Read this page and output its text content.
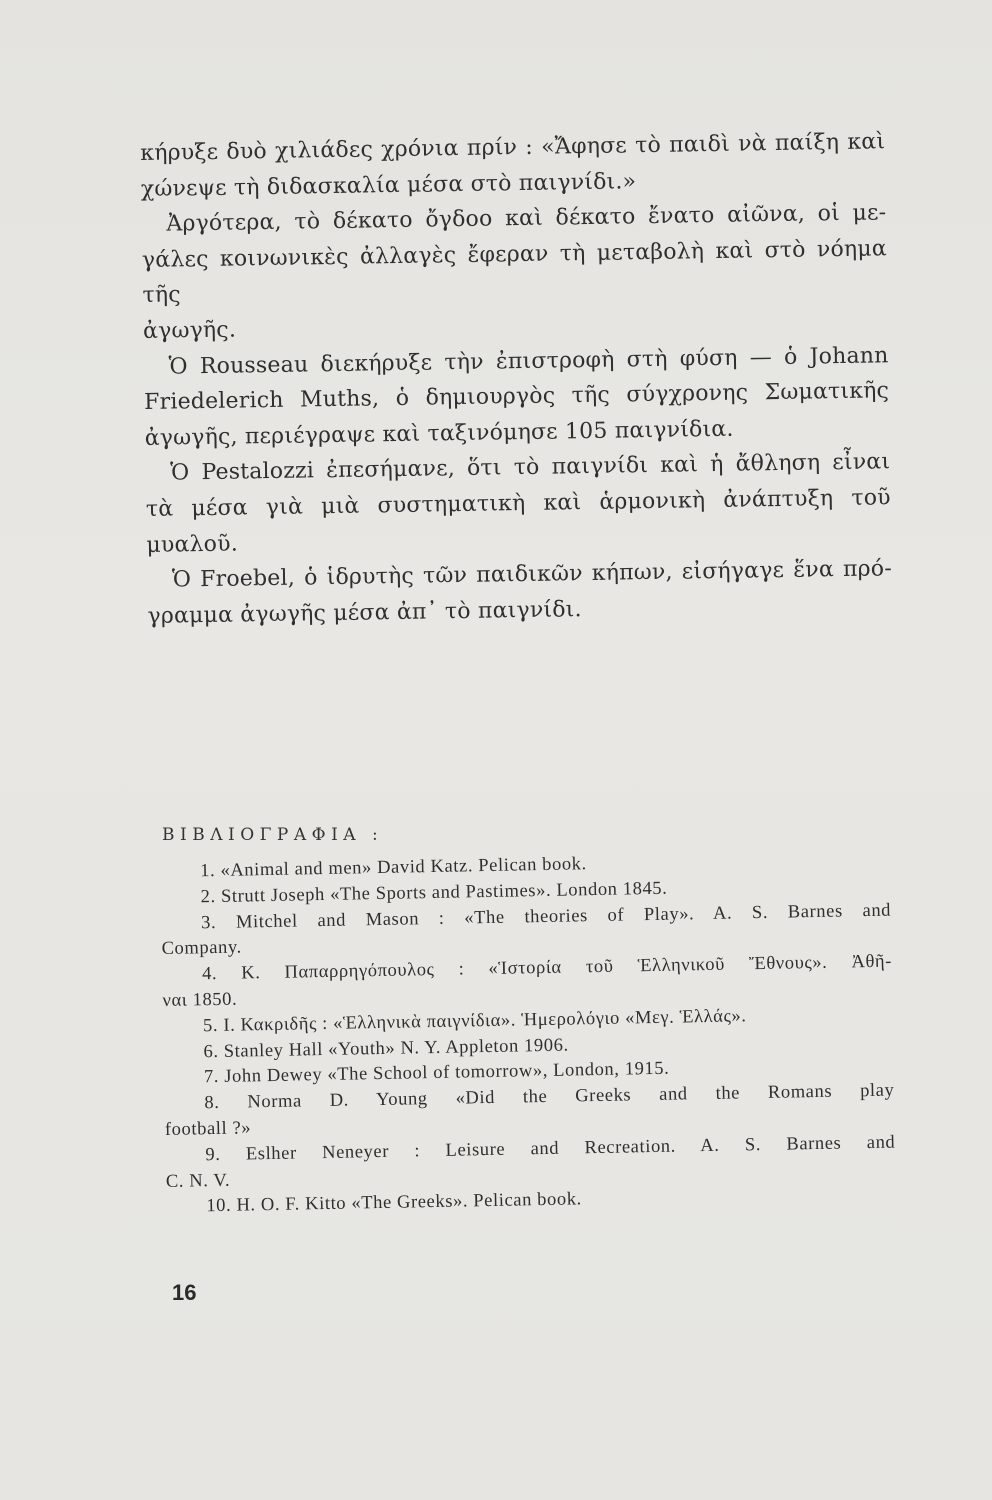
κήρυξε δυὸ χιλιάδες χρόνια πρίν : «Ἄφησε τὸ παιδὶ νὰ παίξη καὶ
χώνεψε τὴ διδασκαλία μέσα στὸ παιγνίδι.»
Ἀργότερα, τὸ δέκατο ὄγδοο καὶ δέκατο ἔνατο αἰῶνα, οἱ με-
γάλες κοινωνικὲς ἀλλαγὲς ἔφεραν τὴ μεταβολὴ καὶ στὸ νόημα τῆς
ἀγωγῆς.
Ὁ Rousseau διεκήρυξε τὴν ἐπιστροφὴ στὴ φύση — ὁ Johann
Friedelerich Muths, ὁ δημιουργὸς τῆς σύγχρονης Σωματικῆς
ἀγωγῆς, περιέγραψε καὶ ταξινόμησε 105 παιγνίδια.
Ὁ Pestalozzi ἐπεσήμανε, ὅτι τὸ παιγνίδι καὶ ἡ ἄθληση εἶναι
τὰ μέσα γιὰ μιὰ συστηματικὴ καὶ ἁρμονικὴ ἀνάπτυξη τοῦ μυαλοῦ.
Ὁ Froebel, ὁ ἱδρυτὴς τῶν παιδικῶν κήπων, εἰσήγαγε ἕνα πρό-
γραμμα ἀγωγῆς μέσα ἀπ᾿ τὸ παιγνίδι.
ΒΙΒΛΙΟΓΡΑΦΙΑ :
1. «Animal and men» David Katz. Pelican book.
2. Strutt Joseph «The Sports and Pastimes». London 1845.
3. Mitchel and Mason : «The theories of Play». A. S. Barnes and
Company.
4. Κ. Παπαρρηγόπουλος : «Ἱστορία τοῦ Ἑλληνικοῦ Ἔθνους». Ἀθῆ-
ναι 1850.
5. Ι. Κακριδῆς : «Ἑλληνικὰ παιγνίδια». Ἡμερολόγιο «Μεγ. Ἑλλάς».
6. Stanley Hall «Youth» N. Y. Appleton 1906.
7. John Dewey «The School of tomorrow», London, 1915.
8. Norma D. Young «Did the Greeks and the Romans play
football ?»
9. Eslher Neneyer : Leisure and Recreation. A. S. Barnes and
C. N. V.
10. H. O. F. Kitto «The Greeks». Pelican book.
16
